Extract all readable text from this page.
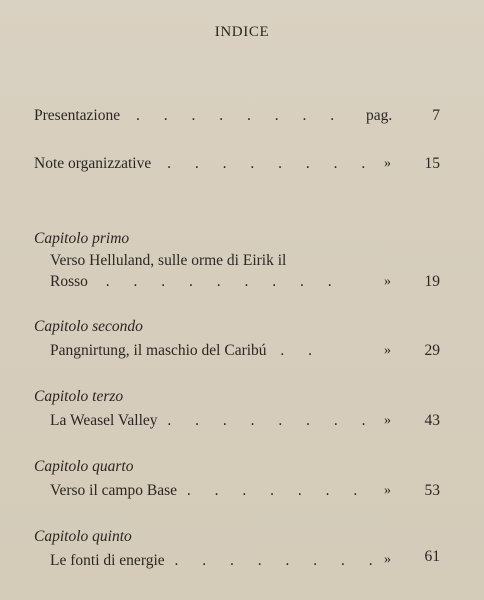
INDICE
Presentazione . . . . . . . . pag.	7
Note organizzative . . . . . . . . »	15
Capitolo primo
Verso Helluland, sulle orme di Eirik il
Rosso . . . . . . . . .	»	19
Capitolo secondo
Pangnirtung, il maschio del Caribú . .	»	29
Capitolo terzo
La Weasel Valley . . . . . . . . »	43
Capitolo quarto
Verso il campo Base . . . . . . . »	53
Capitolo quinto
Le fonti di energie . . . . . . . . »	61
